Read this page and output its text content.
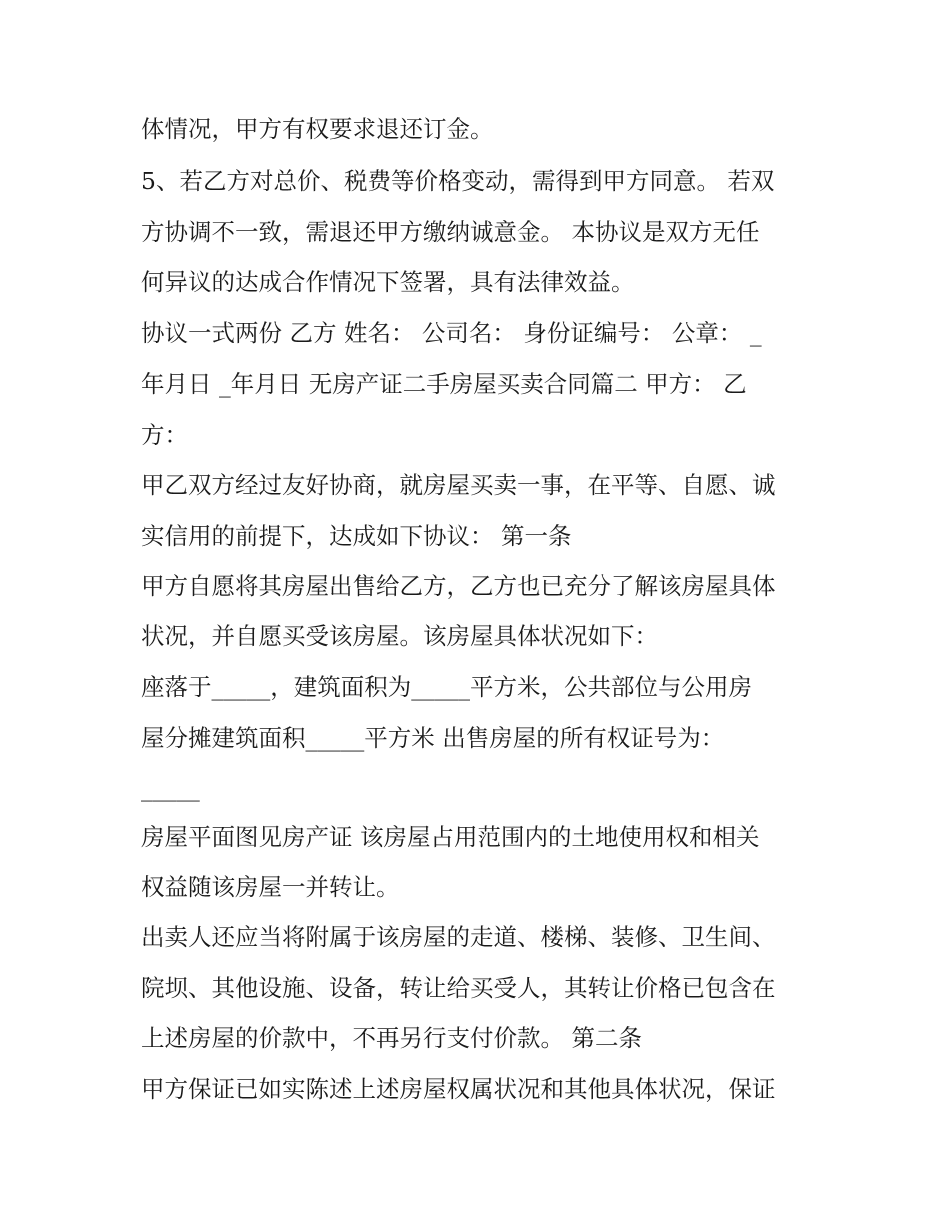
体情况，甲方有权要求退还订金。
5、若乙方对总价、税费等价格变动，需得到甲方同意。 若双
方协调不一致，需退还甲方缴纳诚意金。 本协议是双方无任
何异议的达成合作情况下签署，具有法律效益。
协议一式两份 乙方 姓名： 公司名： 身份证编号： 公章： _
年月日 _年月日 无房产证二手房屋买卖合同篇二 甲方： 乙
方：
甲乙双方经过友好协商，就房屋买卖一事，在平等、自愿、诚
实信用的前提下，达成如下协议： 第一条
甲方自愿将其房屋出售给乙方，乙方也已充分了解该房屋具体
状况，并自愿买受该房屋。该房屋具体状况如下：
座落于_____，建筑面积为_____平方米，公共部位与公用房
屋分摊建筑面积_____平方米 出售房屋的所有权证号为：
_____
房屋平面图见房产证 该房屋占用范围内的土地使用权和相关
权益随该房屋一并转让。
出卖人还应当将附属于该房屋的走道、楼梯、装修、卫生间、
院坝、其他设施、设备，转让给买受人，其转让价格已包含在
上述房屋的价款中，不再另行支付价款。 第二条
甲方保证已如实陈述上述房屋权属状况和其他具体状况，保证
